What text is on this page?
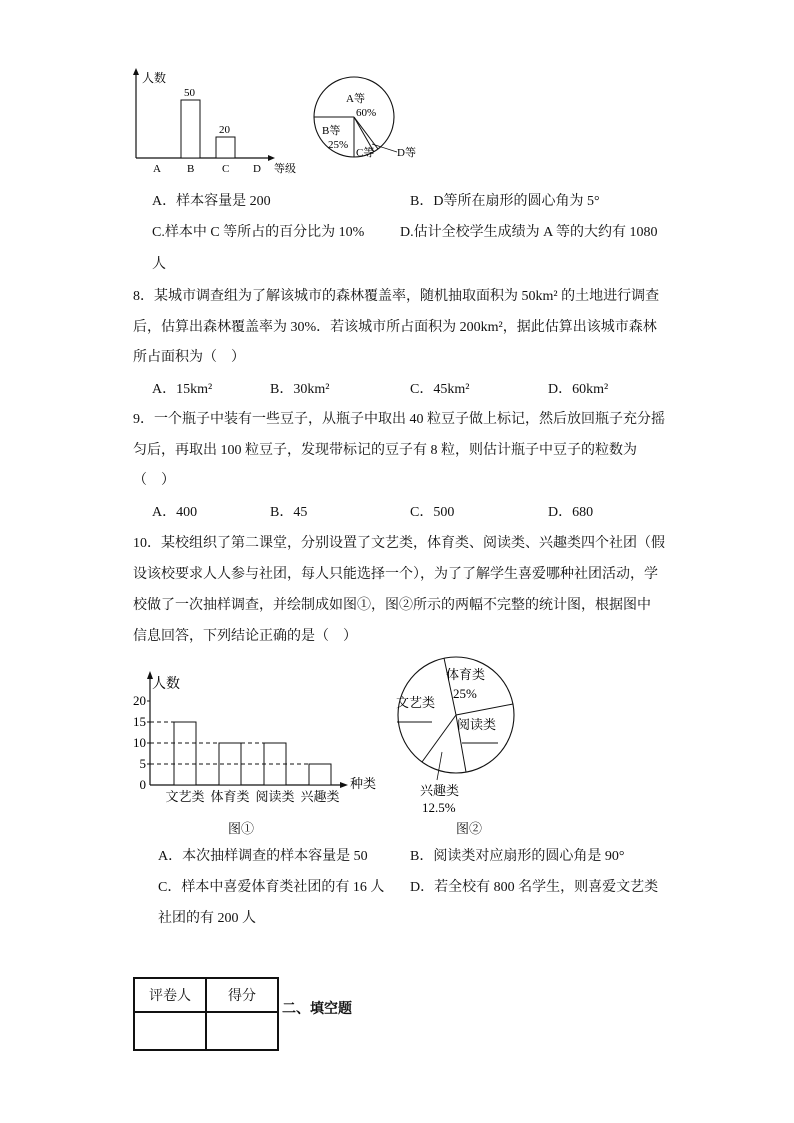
人数
等级
50
20
A B	C D
A等
60%
B等
25%
C等 D等
A．样本容量是 200	B．D等所在扇形的圆心角为 5°
C.样本中 C 等所占的百分比为 10%	D.估计全校学生成绩为 A 等的大约有 1080
人
8．某城市调查组为了解该城市的森林覆盖率，随机抽取面积为 50km² 的土地进行调查
后，估算出森林覆盖率为 30%．若该城市所占面积为 200km²，据此估算出该城市森林
所占面积为（　）
A．15km²	B．30km²	C．45km²	D．60km²
9．一个瓶子中装有一些豆子，从瓶子中取出 40 粒豆子做上标记，然后放回瓶子充分摇
匀后，再取出 100 粒豆子，发现带标记的豆子有 8 粒，则估计瓶子中豆子的粒数为
（　）
A．400	B．45	C．500	D．680
10．某校组织了第二课堂，分别设置了文艺类，体育类、阅读类、兴趣类四个社团（假
设该校要求人人参与社团，每人只能选择一个），为了了解学生喜爱哪种社团活动，学
校做了一次抽样调查，并绘制成如图①，图②所示的两幅不完整的统计图，根据图中
信息回答，下列结论正确的是（　）
人数
种类
0
5
10
15
20
文艺类 体育类 阅读类 兴趣类
图①
文艺类
体育类
25%
阅读类
兴趣类
12.5%
图②
A．本次抽样调查的样本容量是 50	B．阅读类对应扇形的圆心角是 90°
C．样本中喜爱体育类社团的有 16 人 D．若全校有 800 名学生，则喜爱文艺类
社团的有 200 人
评卷人	得分

二、填空题
